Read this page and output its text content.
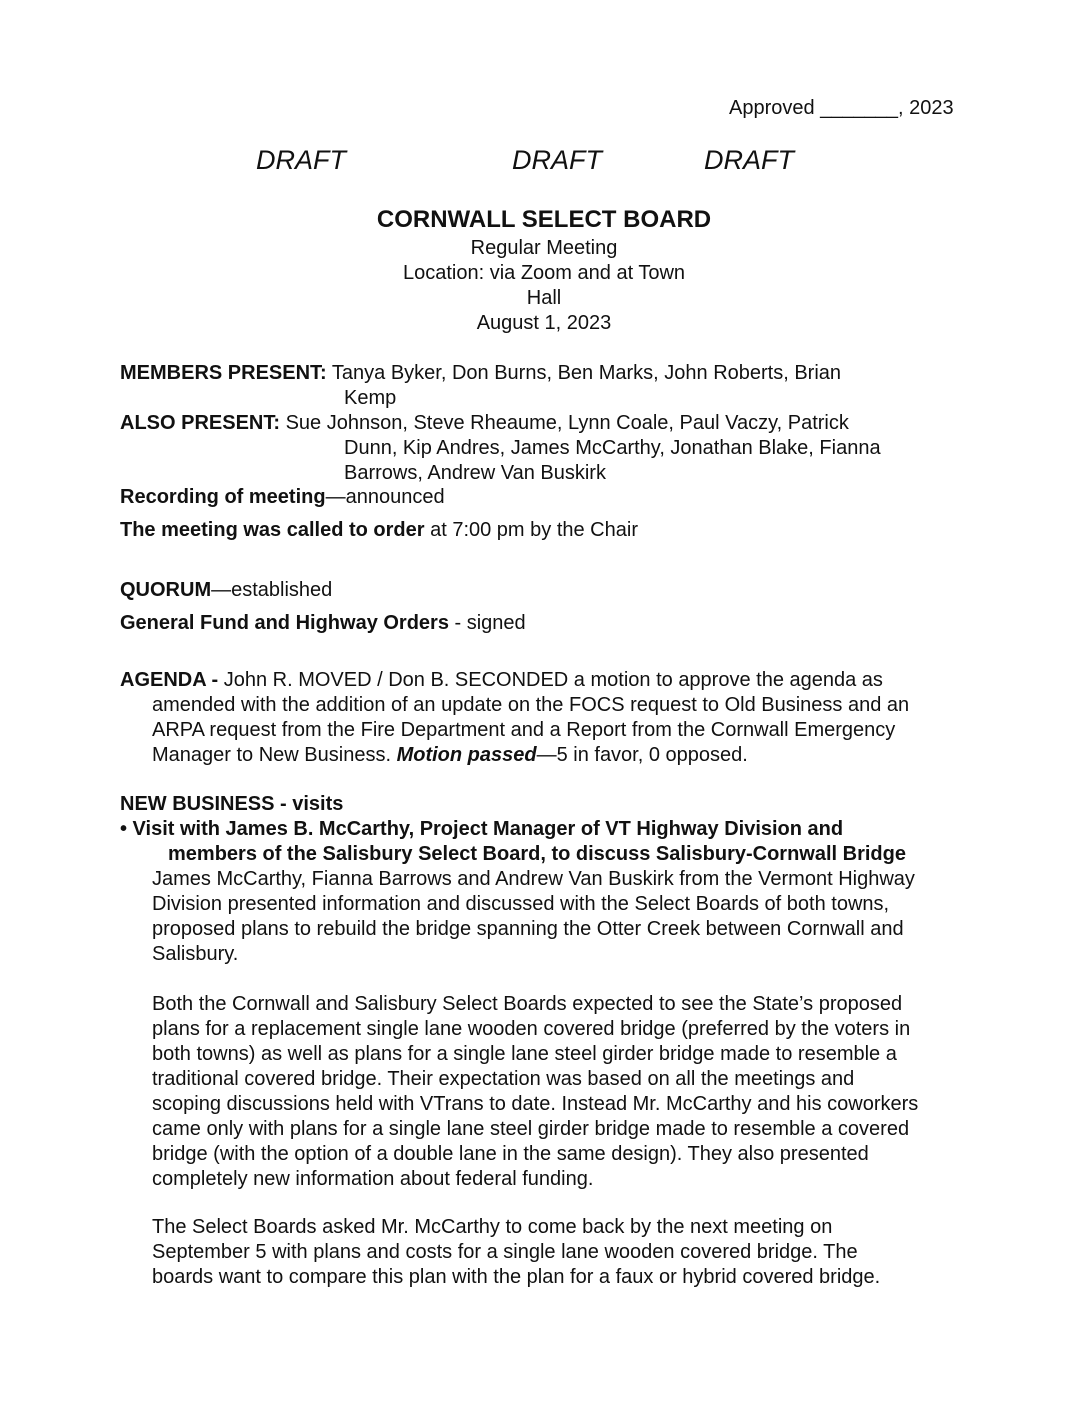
Approved _______, 2023
DRAFT	DRAFT	DRAFT
CORNWALL SELECT BOARD
Regular Meeting
Location: via Zoom and at Town
Hall
August 1, 2023
MEMBERS PRESENT: Tanya Byker, Don Burns, Ben Marks, John Roberts, Brian
Kemp
ALSO PRESENT: Sue Johnson, Steve Rheaume, Lynn Coale, Paul Vaczy, Patrick
Dunn, Kip Andres, James McCarthy, Jonathan Blake, Fianna
Barrows, Andrew Van Buskirk
Recording of meeting—announced
The meeting was called to order at 7:00 pm by the Chair
QUORUM—established
General Fund and Highway Orders - signed
AGENDA - John R. MOVED / Don B. SECONDED a motion to approve the agenda as
amended with the addition of an update on the FOCS request to Old Business and an
ARPA request from the Fire Department and a Report from the Cornwall Emergency
Manager to New Business. Motion passed—5 in favor, 0 opposed.
NEW BUSINESS - visits
• Visit with James B. McCarthy, Project Manager of VT Highway Division and
members of the Salisbury Select Board, to discuss Salisbury-Cornwall Bridge
James McCarthy, Fianna Barrows and Andrew Van Buskirk from the Vermont Highway
Division presented information and discussed with the Select Boards of both towns,
proposed plans to rebuild the bridge spanning the Otter Creek between Cornwall and
Salisbury.
Both the Cornwall and Salisbury Select Boards expected to see the State’s proposed
plans for a replacement single lane wooden covered bridge (preferred by the voters in
both towns) as well as plans for a single lane steel girder bridge made to resemble a
traditional covered bridge. Their expectation was based on all the meetings and
scoping discussions held with VTrans to date. Instead Mr. McCarthy and his coworkers
came only with plans for a single lane steel girder bridge made to resemble a covered
bridge (with the option of a double lane in the same design). They also presented
completely new information about federal funding.
The Select Boards asked Mr. McCarthy to come back by the next meeting on
September 5 with plans and costs for a single lane wooden covered bridge. The
boards want to compare this plan with the plan for a faux or hybrid covered bridge.
